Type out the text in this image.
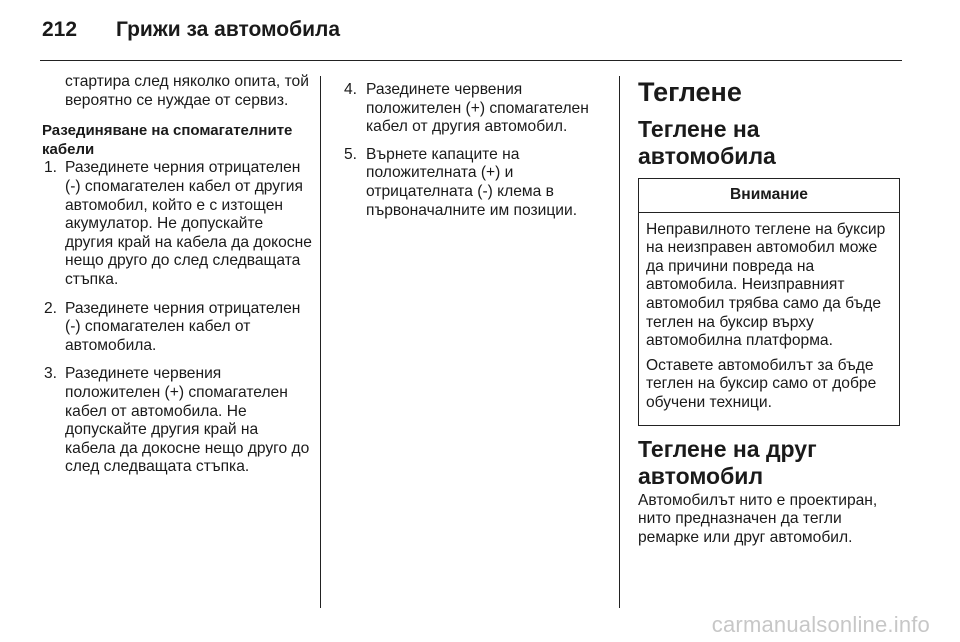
212 Грижи за автомобила
стартира след няколко опита, той вероятно се нуждае от сервиз.
Разединяване на спомагателните кабели
1. Разединете черния отрицателен (-) спомагателен кабел от другия автомобил, който е с изтощен акумулатор. Не допускайте другия край на кабела да докосне нещо друго до след следващата стъпка.
2. Разединете черния отрицателен (-) спомагателен кабел от автомобила.
3. Разединете червения положителен (+) спомагателен кабел от автомобила. Не допускайте другия край на кабела да докосне нещо друго до след следващата стъпка.
4. Разединете червения положителен (+) спомагателен кабел от другия автомобил.
5. Върнете капаците на положителната (+) и отрицателната (-) клема в първоначалните им позиции.
Теглене
Теглене на автомобила
Внимание

Неправилното теглене на буксир на неизправен автомобил може да причини повреда на автомобила. Неизправният автомобил трябва само да бъде теглен на буксир върху автомобилна платформа.

Оставете автомобилът за бъде теглен на буксир само от добре обучени техници.

Теглене на друг автомобил
Автомобилът нито е проектиран, нито предназначен да тегли ремарке или друг автомобил.
carmanualsonline.info
